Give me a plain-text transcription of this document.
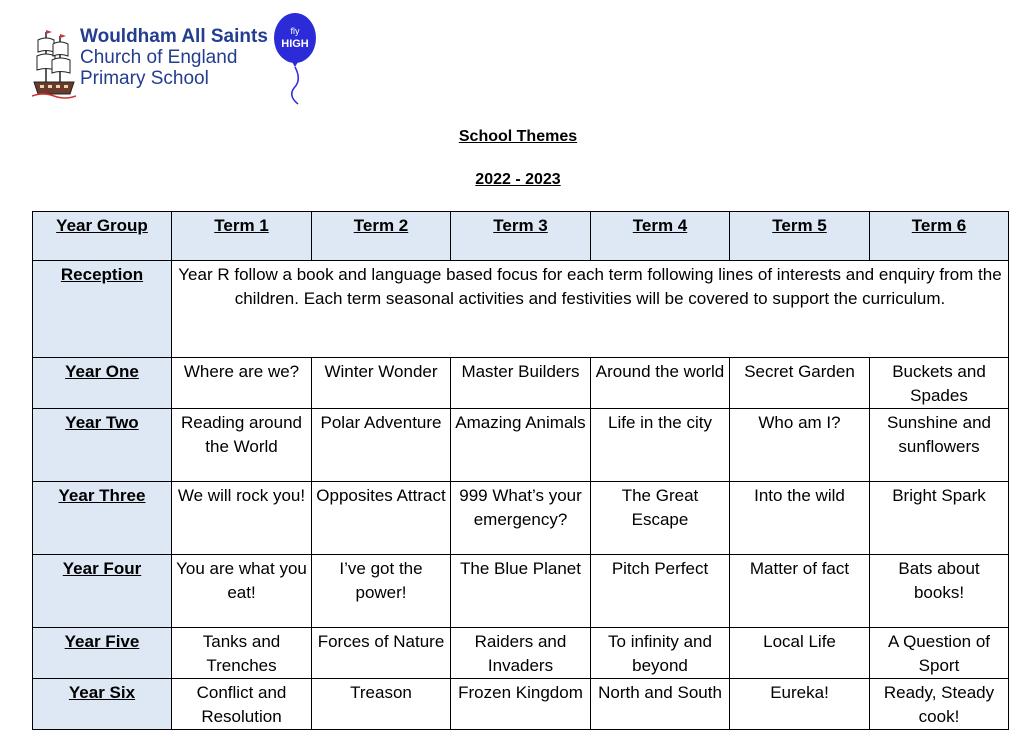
Wouldham All Saints
Church of England
Primary School
fly
HIGH
School Themes
2022 - 2023
Year Group	Term 1	Term 2	Term 3	Term 4	Term 5	Term 6
Reception	Year R follow a book and language based focus for each term following lines of interests and enquiry from the children. Each term seasonal activities and festivities will be covered to support the curriculum.					
Year One	Where are we?	Winter Wonder	Master Builders	Around the world	Secret Garden	Buckets and Spades
Year Two	Reading around the World	Polar Adventure	Amazing Animals	Life in the city	Who am I?	Sunshine and sunflowers
Year Three	We will rock you!	Opposites Attract	999 What’s your emergency?	The Great Escape	Into the wild	Bright Spark
Year Four	You are what you eat!	I’ve got the power!	The Blue Planet	Pitch Perfect	Matter of fact	Bats about books!
Year Five	Tanks and Trenches	Forces of Nature	Raiders and Invaders	To infinity and beyond	Local Life	A Question of Sport
Year Six	Conflict and Resolution	Treason	Frozen Kingdom	North and South	Eureka!	Ready, Steady cook!
